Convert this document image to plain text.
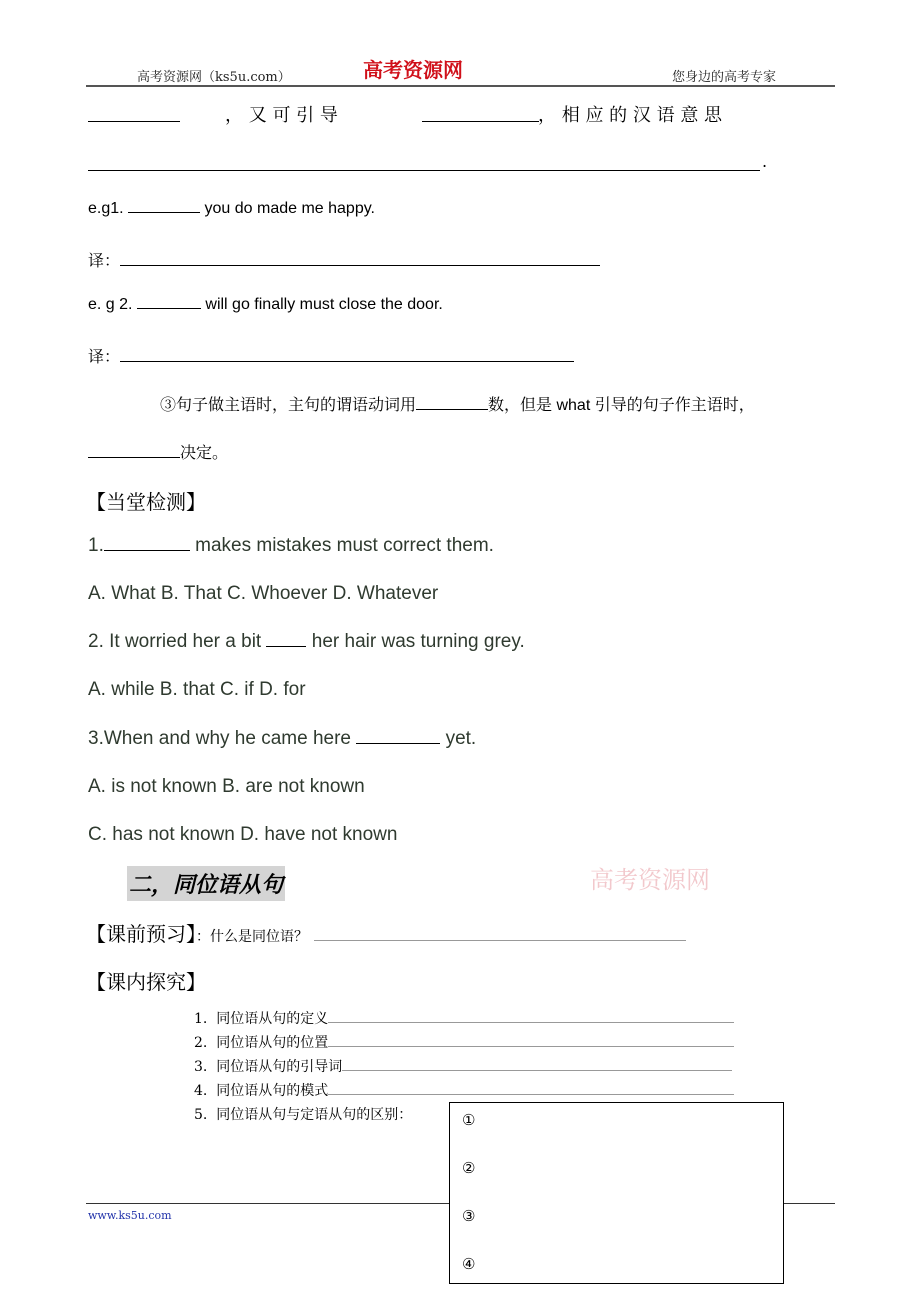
高考资源网（ks5u.com）	高考资源网	您身边的高考专家
， 又 可 引 导	， 相 应 的 汉 语 意 思
.
e.g1.	you do made me happy.
译：
e. g 2.	will go finally must close the door.
译：
③句子做主语时，主句的谓语动词用	数，但是 what 引导的句子作主语时，
决定。
【当堂检测】
1.	makes mistakes must correct them.
A. What B. That C. Whoever D. Whatever
2. It worried her a bit	her hair was turning grey.
A. while B. that C. if D. for
3.When and why he came here	yet.
A. is not known B. are not known
C. has not known D. have not known
二，同位语从句	高考资源网
【课前预习】：什么是同位语？
【课内探究】
1. 同位语从句的定义
2. 同位语从句的位置
3. 同位语从句的引导词
4. 同位语从句的模式
5. 同位语从句与定语从句的区别：
www.ks5u.com
①
②
③
④
